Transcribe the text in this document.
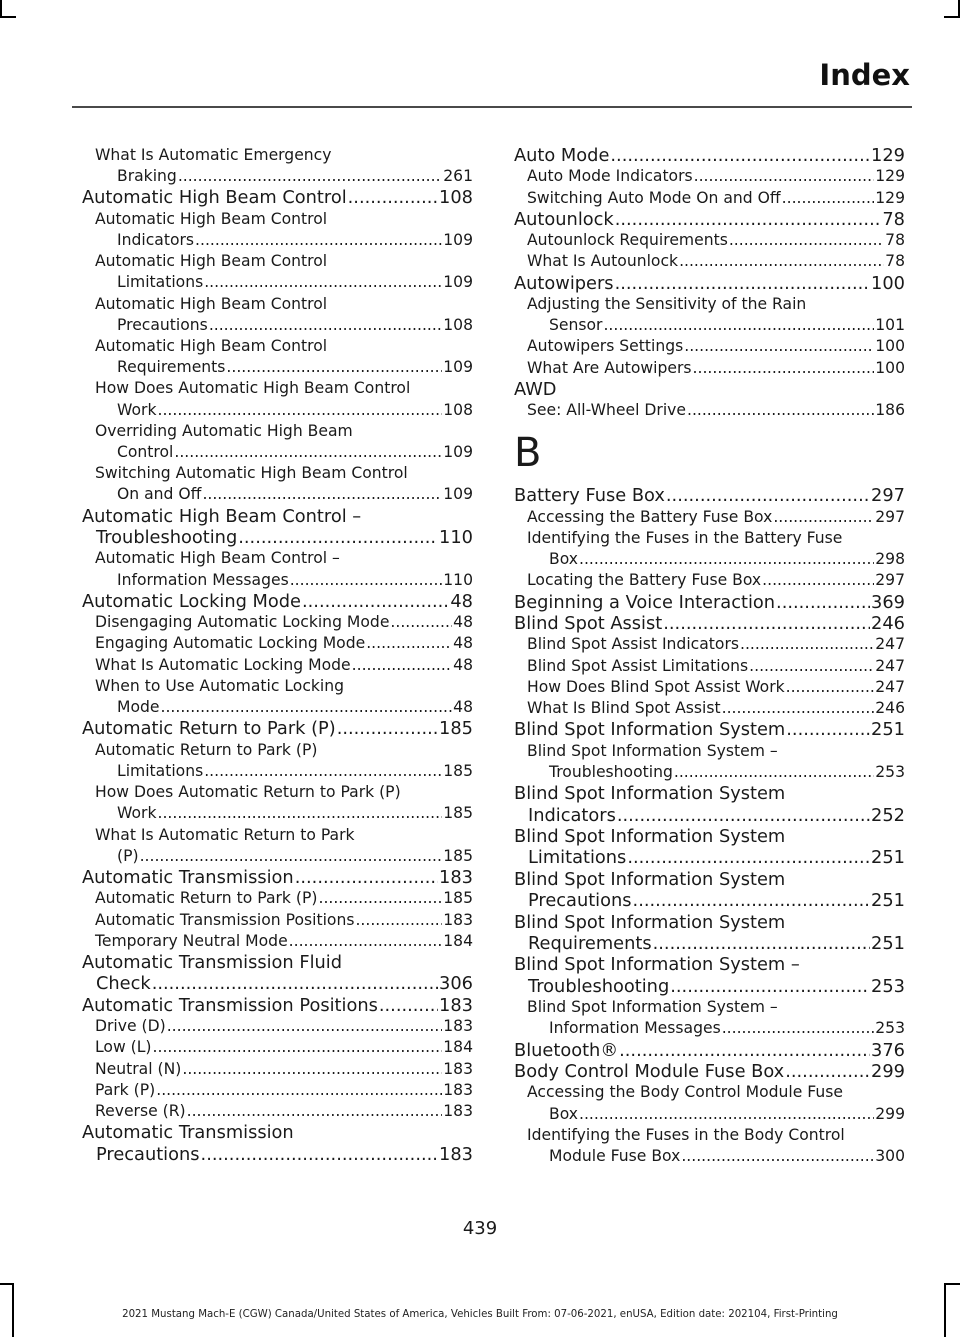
Index
What Is Automatic Emergency
Braking .....	261
Automatic High Beam Control .....	108
Automatic High Beam Control
Indicators .....	109
Automatic High Beam Control
Limitations .....	109
Automatic High Beam Control
Precautions .....	108
Automatic High Beam Control
Requirements .....	109
How Does Automatic High Beam Control
Work .....	108
Overriding Automatic High Beam
Control .....	109
Switching Automatic High Beam Control
On and Off .....	109
Automatic High Beam Control –
Troubleshooting .....	110
Automatic High Beam Control –
Information Messages .....	110
Automatic Locking Mode .....	48
Disengaging Automatic Locking Mode .....	48
Engaging Automatic Locking Mode .....	48
What Is Automatic Locking Mode .....	48
When to Use Automatic Locking
Mode .....	48
Automatic Return to Park (P) .....	185
Automatic Return to Park (P)
Limitations .....	185
How Does Automatic Return to Park (P)
Work .....	185
What Is Automatic Return to Park
(P) .....	185
Automatic Transmission .....	183
Automatic Return to Park (P) .....	185
Automatic Transmission Positions .....	183
Temporary Neutral Mode .....	184
Automatic Transmission Fluid
Check .....	306
Automatic Transmission Positions .....	183
Drive (D) .....	183
Low (L) .....	184
Neutral (N) .....	183
Park (P) .....	183
Reverse (R) .....	183
Automatic Transmission
Precautions .....	183
Auto Mode .....	129
Auto Mode Indicators .....	129
Switching Auto Mode On and Off .....	129
Autounlock .....	78
Autounlock Requirements .....	78
What Is Autounlock .....	78
Autowipers .....	100
Adjusting the Sensitivity of the Rain
Sensor .....	101
Autowipers Settings .....	100
What Are Autowipers .....	100
AWD
See: All-Wheel Drive .....	186
B
Battery Fuse Box .....	297
Accessing the Battery Fuse Box .....	297
Identifying the Fuses in the Battery Fuse
Box .....	298
Locating the Battery Fuse Box .....	297
Beginning a Voice Interaction .....	369
Blind Spot Assist .....	246
Blind Spot Assist Indicators .....	247
Blind Spot Assist Limitations .....	247
How Does Blind Spot Assist Work .....	247
What Is Blind Spot Assist .....	246
Blind Spot Information System .....	251
Blind Spot Information System –
Troubleshooting .....	253
Blind Spot Information System
Indicators .....	252
Blind Spot Information System
Limitations .....	251
Blind Spot Information System
Precautions .....	251
Blind Spot Information System
Requirements .....	251
Blind Spot Information System –
Troubleshooting .....	253
Blind Spot Information System –
Information Messages .....	253
Bluetooth® .....	376
Body Control Module Fuse Box .....	299
Accessing the Body Control Module Fuse
Box .....	299
Identifying the Fuses in the Body Control
Module Fuse Box .....	300
439
2021 Mustang Mach-E (CGW) Canada/United States of America, Vehicles Built From: 07-06-2021, enUSA, Edition date: 202104, First-Printing
